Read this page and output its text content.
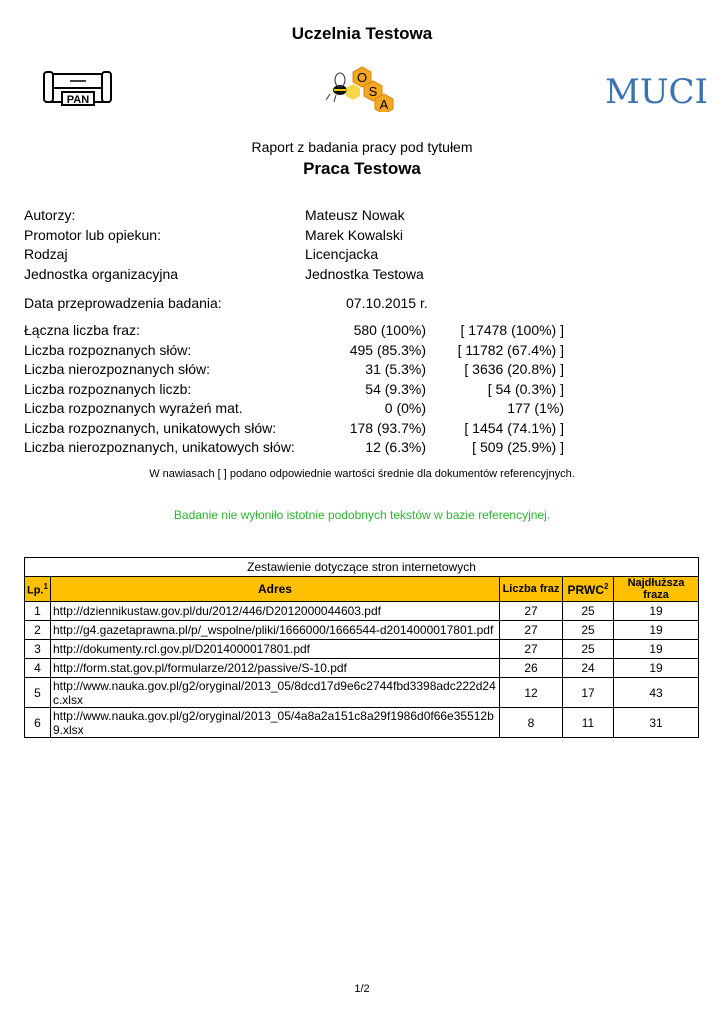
Uczelnia Testowa
PAN
O
S
A	MUCI
Raport z badania pracy pod tytułem
Praca Testowa
Autorzy:	Mateusz Nowak
Promotor lub opiekun:	Marek Kowalski
Rodzaj	Licencjacka
Jednostka organizacyjna	Jednostka Testowa
Data przeprowadzenia badania:	07.10.2015 r.
Łączna liczba fraz:	580 (100%) [ 17478 (100%) ]
Liczba rozpoznanych słów:	495 (85.3%) [ 11782 (67.4%) ]
Liczba nierozpoznanych słów:	31 (5.3%)	[ 3636 (20.8%) ]
Liczba rozpoznanych liczb:	54 (9.3%)	[ 54 (0.3%) ]
Liczba rozpoznanych wyrażeń mat.	0 (0%)	177 (1%)
Liczba rozpoznanych, unikatowych słów:	178 (93.7%)	[ 1454 (74.1%) ]
Liczba nierozpoznanych, unikatowych słów:	12 (6.3%)	[ 509 (25.9%) ]
W nawiasach [ ] podano odpowiednie wartości średnie dla dokumentów referencyjnych.
Badanie nie wyłoniło istotnie podobnych tekstów w bazie referencyjnej.
Zestawienie dotyczące stron internetowych				
Lp.$^1$	Adres	Liczba fraz	PRWC$^2$	Najdłuższa fraza
1	http://dziennikustaw.gov.pl/du/2012/446/D2012000044603.pdf	27	25	19
2	http://g4.gazetaprawna.pl/p/_wspolne/pliki/1666000/1666544-d2014000017801.pdf	27	25	19
3	http://dokumenty.rcl.gov.pl/D2014000017801.pdf	27	25	19
4	http://form.stat.gov.pl/formularze/2012/passive/S-10.pdf	26	24	19
5	http://www.nauka.gov.pl/g2/oryginal/2013_05/8dcd17d9e6c2744fbd3398adc222d24c.xlsx	12	17	43
6	http://www.nauka.gov.pl/g2/oryginal/2013_05/4a8a2a151c8a29f1986d0f66e35512b9.xlsx	8	11	31
1/2
